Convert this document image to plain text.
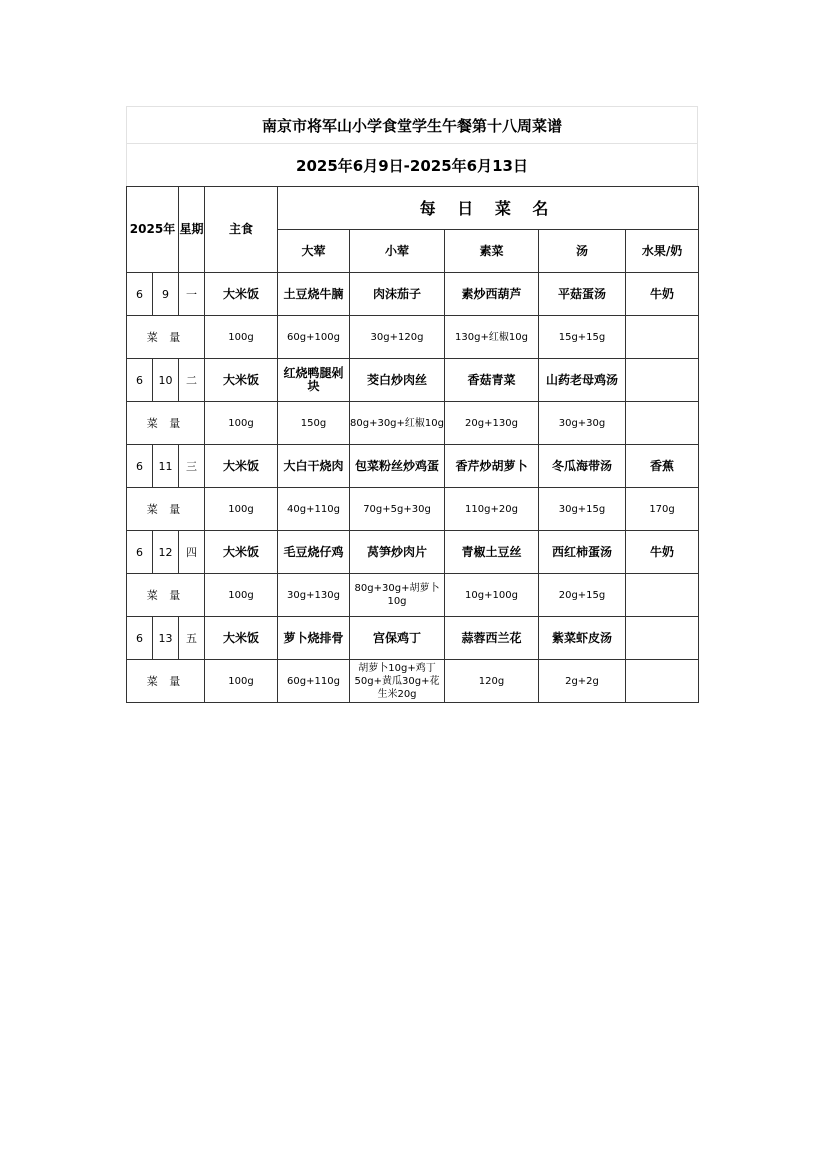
南京市将军山小学食堂学生午餐第十八周菜谱
2025年6月9日-2025年6月13日
2025年		星期	主食	每 日 菜 名				
				大荤	小荤	素菜	汤	水果/奶
6	9	一	大米饭	土豆烧牛腩	肉沫茄子	素炒西葫芦	平菇蛋汤	牛奶
菜 量			100g	60g+100g	30g+120g	130g+红椒10g	15g+15g	
6	10	二	大米饭	红烧鸭腿剁块	茭白炒肉丝	香菇青菜	山药老母鸡汤	
菜 量			100g	150g	80g+30g+红椒10g	20g+130g	30g+30g	
6	11	三	大米饭	大白干烧肉	包菜粉丝炒鸡蛋	香芹炒胡萝卜	冬瓜海带汤	香蕉
菜 量			100g	40g+110g	70g+5g+30g	110g+20g	30g+15g	170g
6	12	四	大米饭	毛豆烧仔鸡	莴笋炒肉片	青椒土豆丝	西红柿蛋汤	牛奶
菜 量			100g	30g+130g	80g+30g+胡萝卜10g	10g+100g	20g+15g	
6	13	五	大米饭	萝卜烧排骨	宫保鸡丁	蒜蓉西兰花	紫菜虾皮汤	
菜 量			100g	60g+110g	胡萝卜10g+鸡丁50g+黄瓜30g+花生米20g	120g	2g+2g	
